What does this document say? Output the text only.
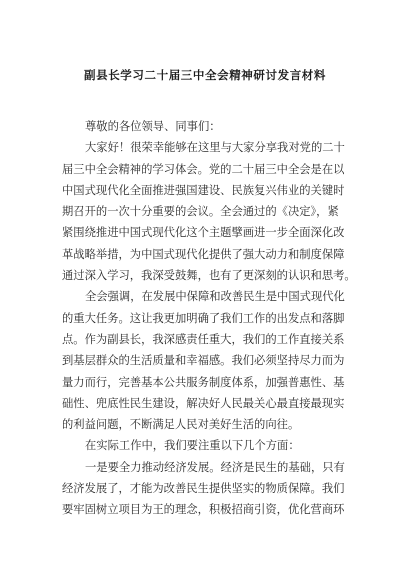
副县长学习二十届三中全会精神研讨发言材料
尊敬的各位领导、同事们：
大家好！很荣幸能够在这里与大家分享我对党的二十
届三中全会精神的学习体会。党的二十届三中全会是在以
中国式现代化全面推进强国建设、民族复兴伟业的关键时
期召开的一次十分重要的会议。全会通过的《决定》，紧
紧围绕推进中国式现代化这个主题擘画进一步全面深化改
革战略举措，为中国式现代化提供了强大动力和制度保障
通过深入学习，我深受鼓舞，也有了更深刻的认识和思考。
全会强调，在发展中保障和改善民生是中国式现代化
的重大任务。这让我更加明确了我们工作的出发点和落脚
点。作为副县长，我深感责任重大，我们的工作直接关系
到基层群众的生活质量和幸福感。我们必须坚持尽力而为
量力而行，完善基本公共服务制度体系，加强普惠性、基
础性、兜底性民生建设，解决好人民最关心最直接最现实
的利益问题，不断满足人民对美好生活的向往。
在实际工作中，我们要注重以下几个方面：
一是要全力推动经济发展。经济是民生的基础，只有
经济发展了，才能为改善民生提供坚实的物质保障。我们
要牢固树立项目为王的理念，积极招商引资，优化营商环
